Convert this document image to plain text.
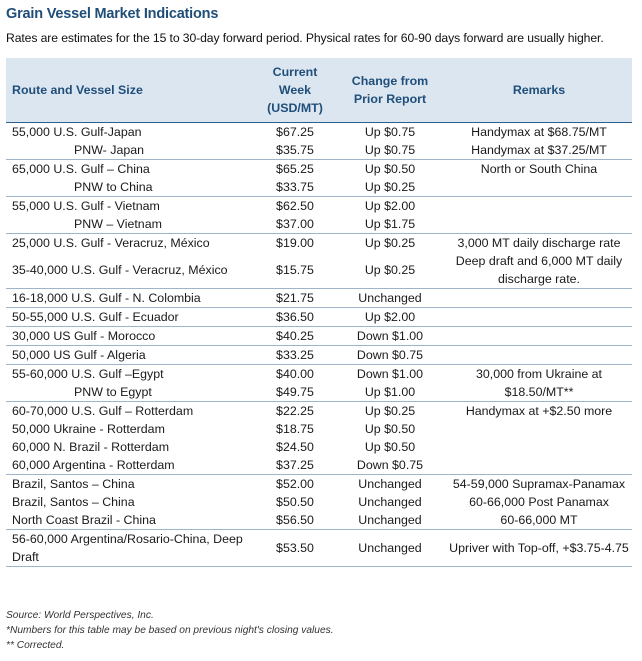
Grain Vessel Market Indications
Rates are estimates for the 15 to 30-day forward period. Physical rates for 60-90 days forward are usually higher.
Route and Vessel Size	Current
Week
(USD/MT)	Change from
Prior Report	Remarks

55,000 U.S. Gulf-Japan	$67.25	Up $0.75	Handymax at $68.75/MT

PNW- Japan	$35.75	Up $0.75	Handymax at $37.25/MT

65,000 U.S. Gulf – China	$65.25	Up $0.50	North or South China

PNW to China	$33.75	Up $0.25	

55,000 U.S. Gulf - Vietnam	$62.50	Up $2.00	

PNW – Vietnam	$37.00	Up $1.75	

25,000 U.S. Gulf - Veracruz, México	$19.00	Up $0.25	3,000 MT daily discharge rate

35-40,000 U.S. Gulf - Veracruz, México	$15.75	Up $0.25	Deep draft and 6,000 MT daily discharge rate.

16-18,000 U.S. Gulf - N. Colombia	$21.75	Unchanged	

50-55,000 U.S. Gulf - Ecuador	$36.50	Up $2.00	

30,000 US Gulf - Morocco	$40.25	Down $1.00	

50,000 US Gulf - Algeria	$33.25	Down $0.75	

55-60,000 U.S. Gulf –Egypt	$40.00	Down $1.00	30,000 from Ukraine at $18.50/MT**

PNW to Egypt	$49.75	Up $1.00	

60-70,000 U.S. Gulf – Rotterdam	$22.25	Up $0.25	Handymax at +$2.50 more

50,000 Ukraine - Rotterdam	$18.75	Up $0.50	

60,000 N. Brazil - Rotterdam	$24.50	Up $0.50	

60,000 Argentina - Rotterdam	$37.25	Down $0.75	

Brazil, Santos – China	$52.00	Unchanged	54-59,000 Supramax-Panamax

Brazil, Santos – China	$50.50	Unchanged	60-66,000 Post Panamax

North Coast Brazil - China	$56.50	Unchanged	60-66,000 MT

56-60,000 Argentina/Rosario-China, Deep Draft	$53.50	Unchanged	Upriver with Top-off, +$3.75-4.75
Source: World Perspectives, Inc.
*Numbers for this table may be based on previous night's closing values.
** Corrected.
